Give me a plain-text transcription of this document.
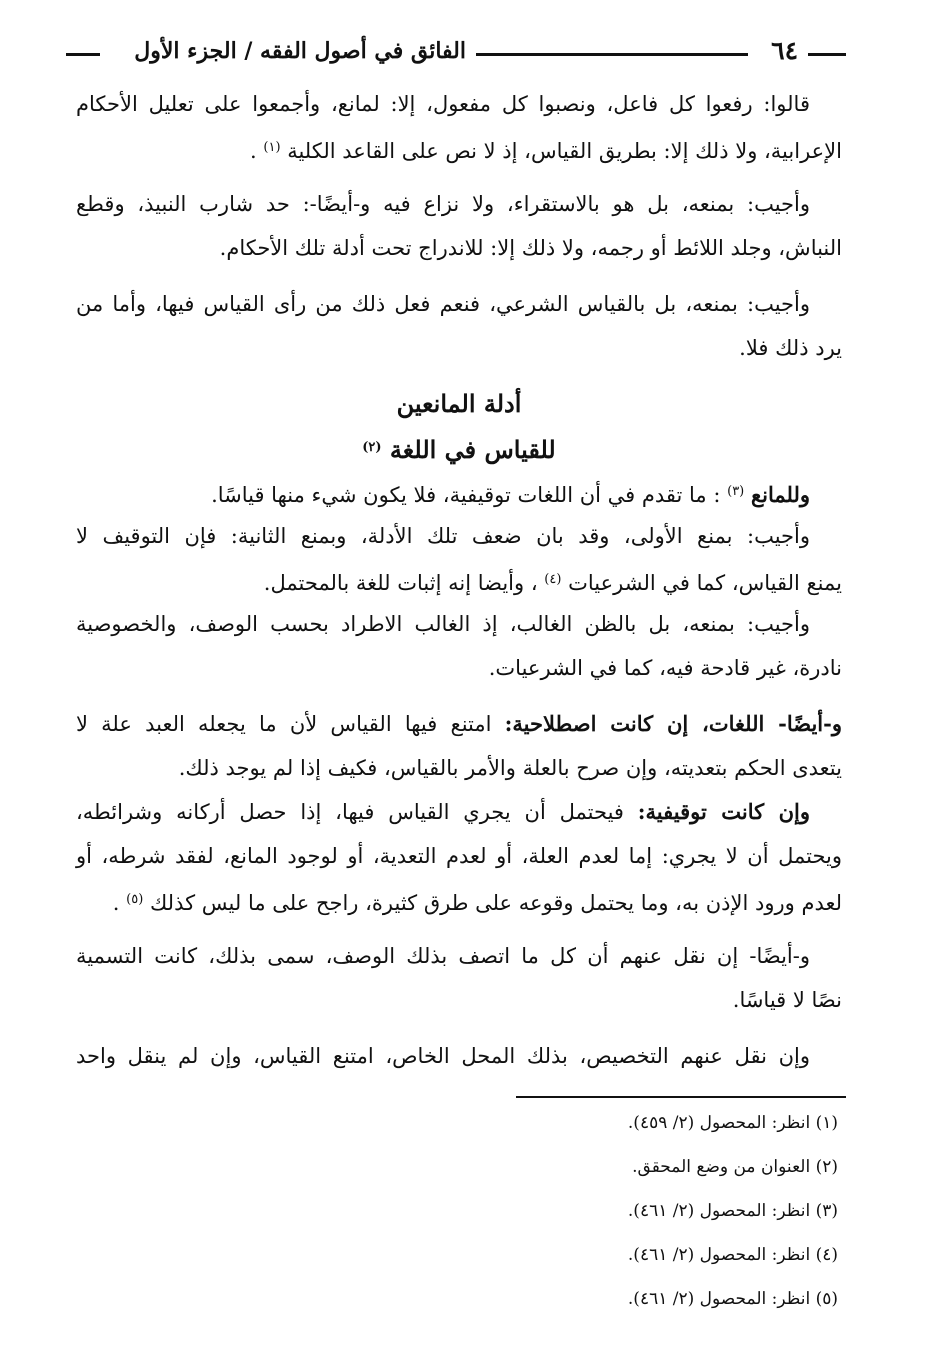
٦٤
الفائق في أصول الفقه / الجزء الأول
قالوا: رفعوا كل فاعل، ونصبوا كل مفعول، إلا: لمانع، وأجمعوا على تعليل الأحكام
الإعرابية، ولا ذلك إلا: بطريق القياس، إذ لا نص على القاعد الكلية $^{(١)}$ .
وأجيب: بمنعه، بل هو بالاستقراء، ولا نزاع فيه و-أيضًا-: حد شارب النبيذ، وقطع
النباش، وجلد اللائط أو رجمه، ولا ذلك إلا: للاندراج تحت أدلة تلك الأحكام.
وأجيب: بمنعه، بل بالقياس الشرعي، فنعم فعل ذلك من رأى القياس فيها، وأما من
يرد ذلك فلا.
أدلة المانعين
للقياس في اللغة $^{(٢)}$
وللمانع $^{(٣)}$ : ما تقدم في أن اللغات توقيفية، فلا يكون شيء منها قياسًا.
وأجيب: بمنع الأولى، وقد بان ضعف تلك الأدلة، وبمنع الثانية: فإن التوقيف لا
يمنع القياس، كما في الشرعيات $^{(٤)}$ ، وأيضا إنه إثبات للغة بالمحتمل.
وأجيب: بمنعه، بل بالظن الغالب، إذ الغالب الاطراد بحسب الوصف، والخصوصية
نادرة، غير قادحة فيه، كما في الشرعيات.
و-أيضًا- اللغات، إن كانت اصطلاحية: امتنع فيها القياس لأن ما يجعله العبد علة لا
يتعدى الحكم بتعديته، وإن صرح بالعلة والأمر بالقياس، فكيف إذا لم يوجد ذلك.
وإن كانت توقيفية: فيحتمل أن يجري القياس فيها، إذا حصل أركانه وشرائطه،
ويحتمل أن لا يجري: إما لعدم العلة، أو لعدم التعدية، أو لوجود المانع، لفقد شرطه، أو
لعدم ورود الإذن به، وما يحتمل وقوعه على طرق كثيرة، راجح على ما ليس كذلك $^{(٥)}$ .
و-أيضًا- إن نقل عنهم أن كل ما اتصف بذلك الوصف، سمى بذلك، كانت التسمية
نصًا لا قياسًا.
وإن نقل عنهم التخصيص، بذلك المحل الخاص، امتنع القياس، وإن لم ينقل واحد
(١) انظر: المحصول (٢/ ٤٥٩).
(٢) العنوان من وضع المحقق.
(٣) انظر: المحصول (٢/ ٤٦١).
(٤) انظر: المحصول (٢/ ٤٦١).
(٥) انظر: المحصول (٢/ ٤٦١).
